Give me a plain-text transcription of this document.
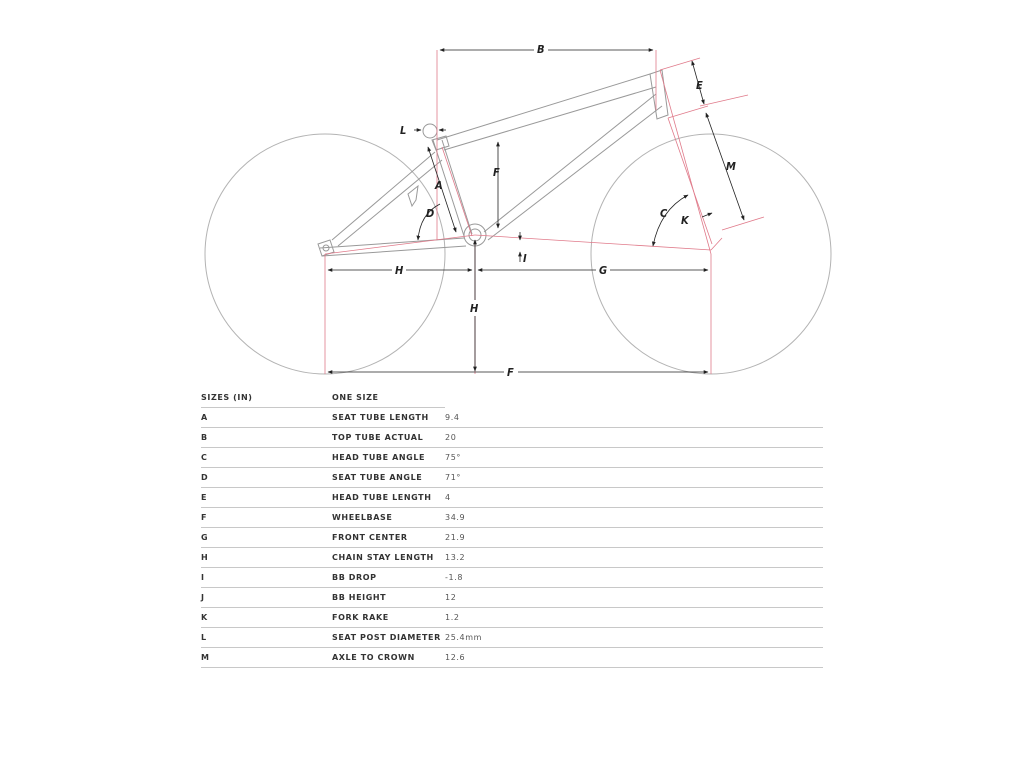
B
E
M
L
A
D
F
C
K
I
H	G
H
F
SIZES (IN)	ONE SIZE	
A	SEAT TUBE LENGTH	9.4
B	TOP TUBE ACTUAL	20
C	HEAD TUBE ANGLE	75°
D	SEAT TUBE ANGLE	71°
E	HEAD TUBE LENGTH	4
F	WHEELBASE	34.9
G	FRONT CENTER	21.9
H	CHAIN STAY LENGTH	13.2
I	BB DROP	-1.8
J	BB HEIGHT	12
K	FORK RAKE	1.2
L	SEAT POST DIAMETER	25.4mm
M	AXLE TO CROWN	12.6
